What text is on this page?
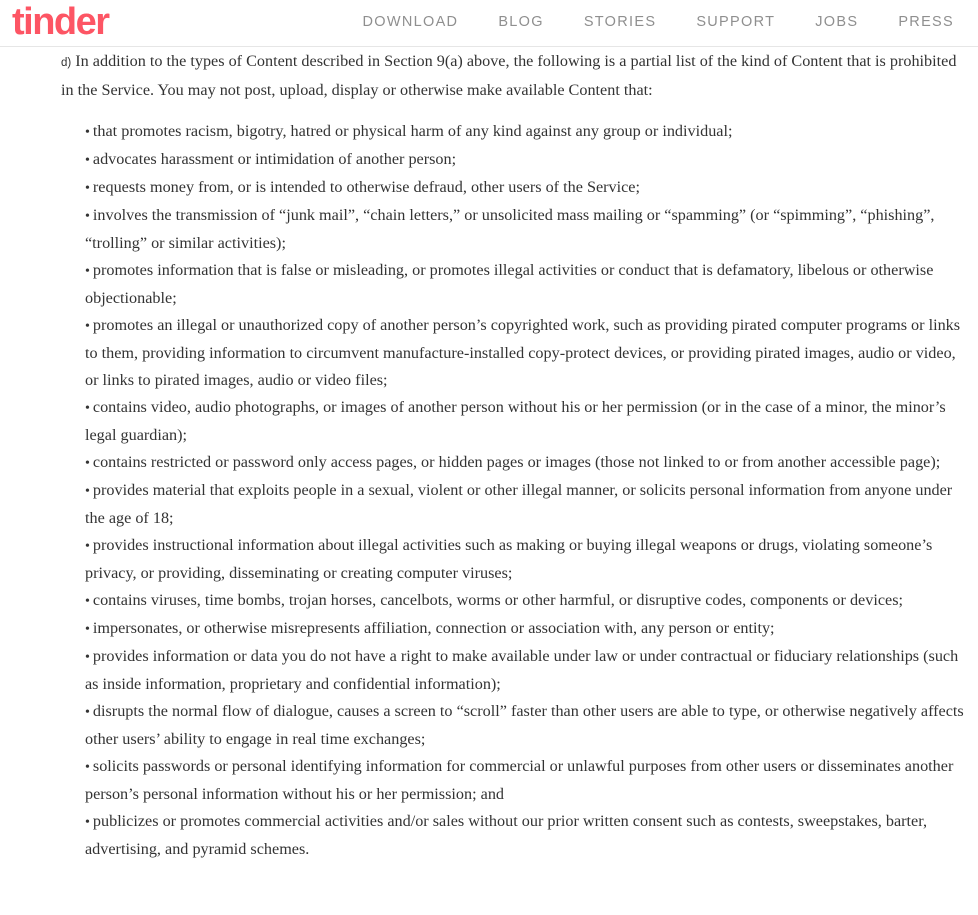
tinder	DOWNLOAD	BLOG	STORIES	SUPPORT	JOBS	PRESS

d) In addition to the types of Content described in Section 9(a) above, the following is a partial list of the kind of Content that is prohibited in the Service. You may not post, upload, display or otherwise make available Content that:

• that promotes racism, bigotry, hatred or physical harm of any kind against any group or individual;
• advocates harassment or intimidation of another person;
• requests money from, or is intended to otherwise defraud, other users of the Service;
• involves the transmission of “junk mail”, “chain letters,” or unsolicited mass mailing or “spamming” (or “spimming”, “phishing”, “trolling” or similar activities);
• promotes information that is false or misleading, or promotes illegal activities or conduct that is defamatory, libelous or otherwise objectionable;
• promotes an illegal or unauthorized copy of another person’s copyrighted work, such as providing pirated computer programs or links to them, providing information to circumvent manufacture-installed copy-protect devices, or providing pirated images, audio or video, or links to pirated images, audio or video files;
• contains video, audio photographs, or images of another person without his or her permission (or in the case of a minor, the minor’s legal guardian);
• contains restricted or password only access pages, or hidden pages or images (those not linked to or from another accessible page);
• provides material that exploits people in a sexual, violent or other illegal manner, or solicits personal information from anyone under the age of 18;
• provides instructional information about illegal activities such as making or buying illegal weapons or drugs, violating someone’s privacy, or providing, disseminating or creating computer viruses;
• contains viruses, time bombs, trojan horses, cancelbots, worms or other harmful, or disruptive codes, components or devices;
• impersonates, or otherwise misrepresents affiliation, connection or association with, any person or entity;
• provides information or data you do not have a right to make available under law or under contractual or fiduciary relationships (such as inside information, proprietary and confidential information);
• disrupts the normal flow of dialogue, causes a screen to “scroll” faster than other users are able to type, or otherwise negatively affects other users’ ability to engage in real time exchanges;
• solicits passwords or personal identifying information for commercial or unlawful purposes from other users or disseminates another person’s personal information without his or her permission; and
• publicizes or promotes commercial activities and/or sales without our prior written consent such as contests, sweepstakes, barter, advertising, and pyramid schemes.
